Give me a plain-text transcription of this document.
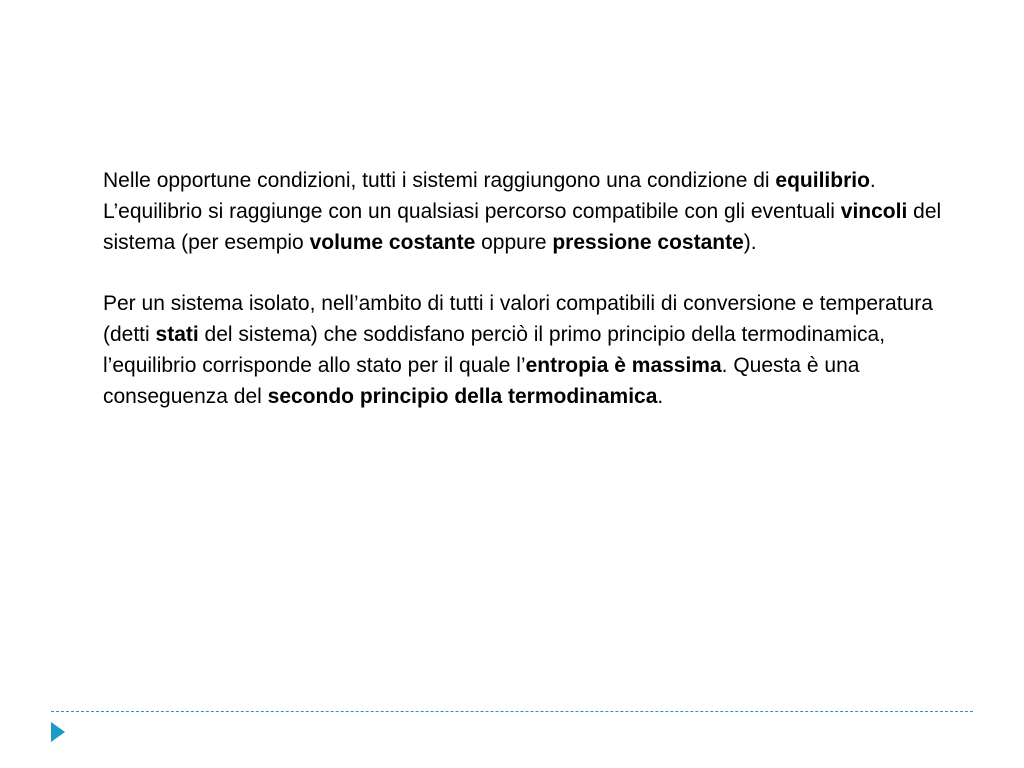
Nelle opportune condizioni, tutti i sistemi raggiungono una condizione di equilibrio. L’equilibrio si raggiunge con un qualsiasi percorso compatibile con gli eventuali vincoli del sistema (per esempio volume costante oppure pressione costante).

Per un sistema isolato, nell’ambito di tutti i valori compatibili di conversione e temperatura (detti stati del sistema) che soddisfano perciò il primo principio della termodinamica, l’equilibrio corrisponde allo stato per il quale l’entropia è massima. Questa è una conseguenza del secondo principio della termodinamica.
